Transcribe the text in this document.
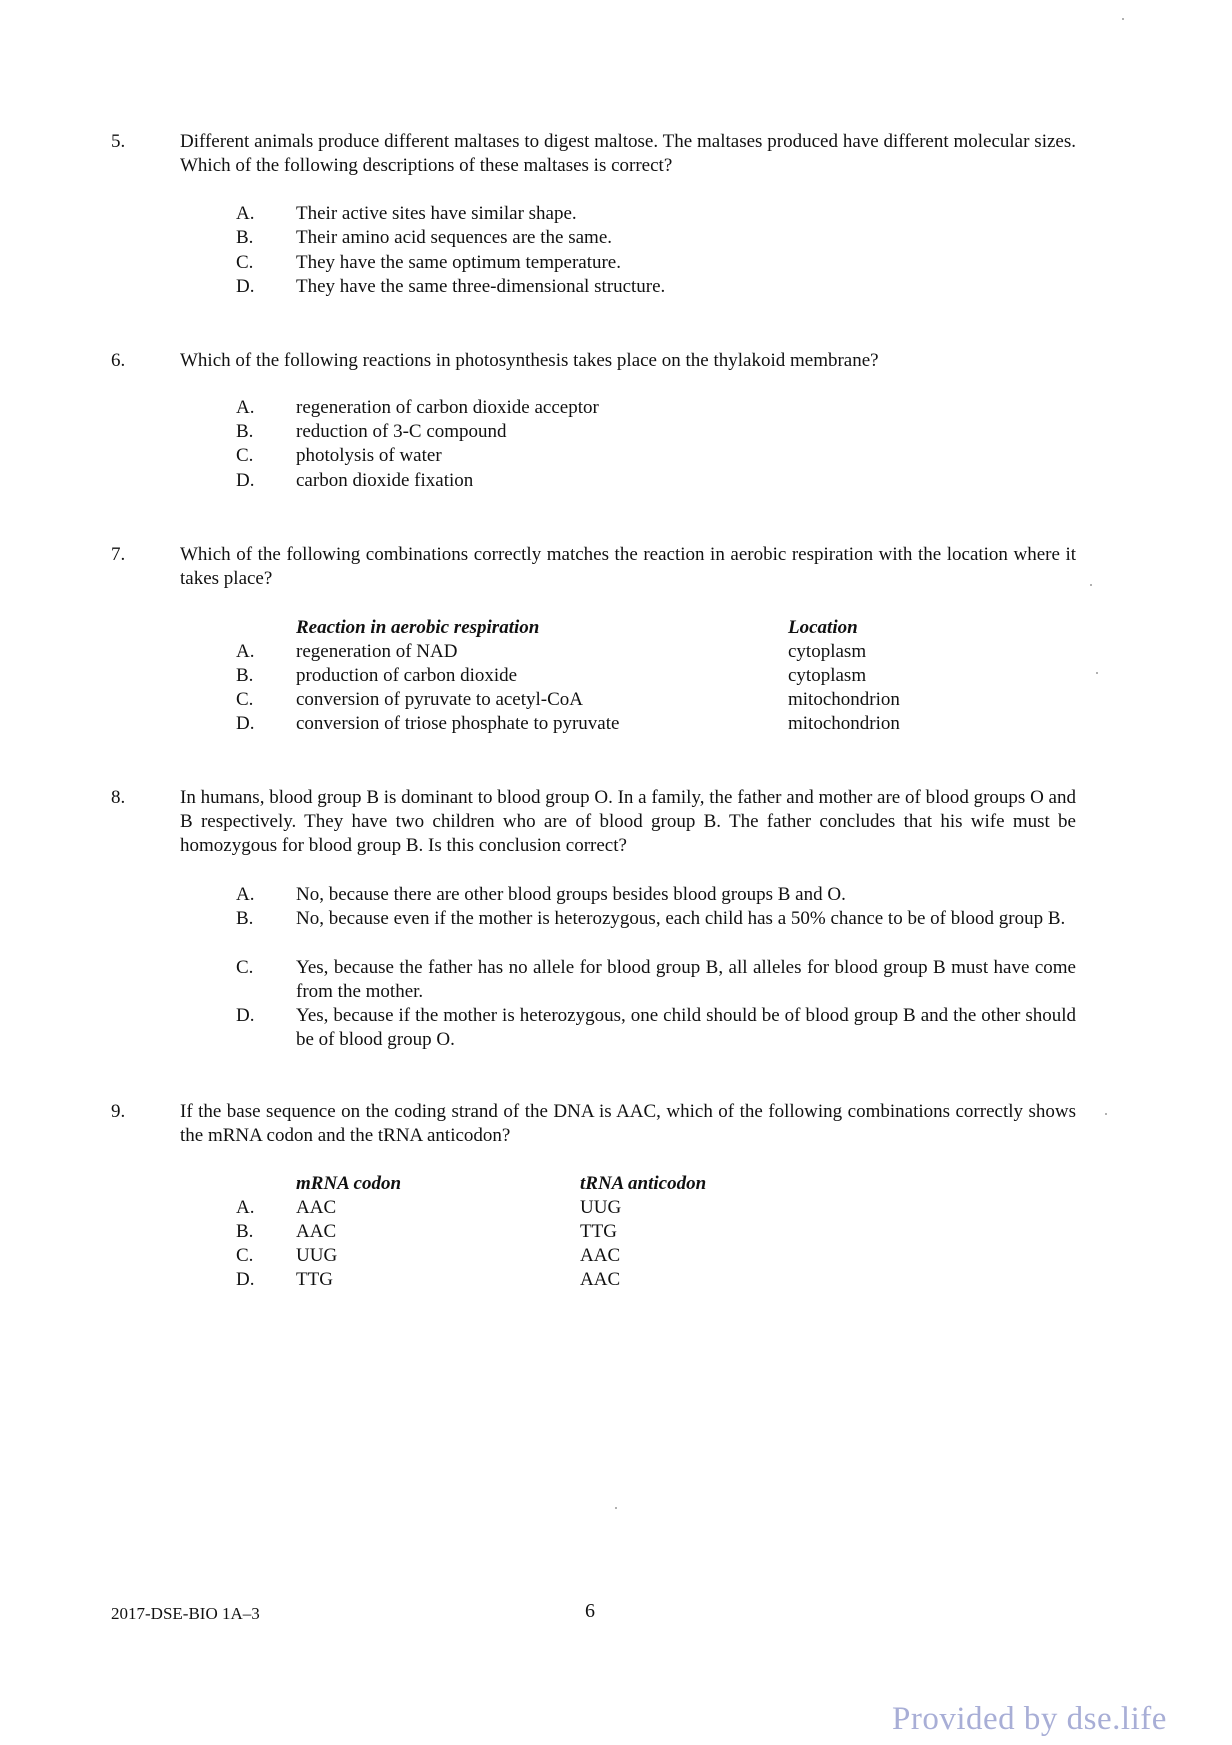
5.	Different animals produce different maltases to digest maltose. The maltases produced have different molecular sizes. Which of the following descriptions of these maltases is correct?

A. Their active sites have similar shape.

B. Their amino acid sequences are the same.

C. They have the same optimum temperature.

D. They have the same three-dimensional structure.

6.	Which of the following reactions in photosynthesis takes place on the thylakoid membrane?

A. regeneration of carbon dioxide acceptor

B. reduction of 3-C compound

C. photolysis of water

D. carbon dioxide fixation

7.	Which of the following combinations correctly matches the reaction in aerobic respiration with the location where it takes place?

Reaction in aerobic respiration	Location
A. regeneration of NAD	cytoplasm
B. production of carbon dioxide	cytoplasm
C. conversion of pyruvate to acetyl-CoA	mitochondrion
D. conversion of triose phosphate to pyruvate	mitochondrion
8.	In humans, blood group B is dominant to blood group O. In a family, the father and mother are of blood groups O and B respectively. They have two children who are of blood group B. The father concludes that his wife must be homozygous for blood group B. Is this conclusion correct?

A. No, because there are other blood groups besides blood groups B and O.

B. No, because even if the mother is heterozygous, each child has a 50% chance to be of blood group B.

C. Yes, because the father has no allele for blood group B, all alleles for blood group B must have come from the mother.

D. Yes, because if the mother is heterozygous, one child should be of blood group B and the other should be of blood group O.

9.	If the base sequence on the coding strand of the DNA is AAC, which of the following combinations correctly shows the mRNA codon and the tRNA anticodon?

mRNA codon	tRNA anticodon
A. AAC	UUG
B. AAC	TTG
C. UUG	AAC
D. TTG	AAC
2017-DSE-BIO 1A–3	6
Provided by dse.life
